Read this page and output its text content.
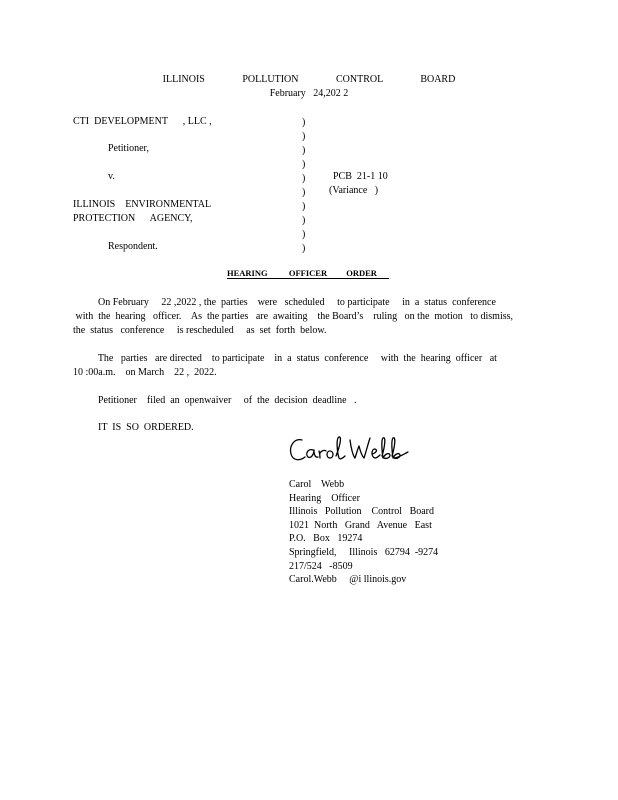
ILLINOIS   POLLUTION   CONTROL   BOARD
February   24,202 2
CTI  DEVELOPMENT      , LLC ,
Petitioner,
v.
ILLINOIS    ENVIRONMENTAL
PROTECTION      AGENCY,
Respondent.
)
)
)
)
)
)
)
)
)
)
PCB  21-1 10
(Variance   )
HEARING          OFFICER         ORDER
On February     22 ,2022 , the  parties    were   scheduled     to participate     in  a  status  conference
with  the  hearing   officer.    As  the parties   are  awaiting    the Board’s    ruling   on the  motion   to dismiss,
the  status   conference     is rescheduled     as  set  forth  below.
The   parties   are directed    to participate    in  a  status  conference     with  the  hearing  officer   at
10 :00a.m.    on March    22 ,  2022.
Petitioner    filed  an  openwaiver     of  the  decision  deadline   .
IT  IS  SO  ORDERED.
Carol    Webb
Hearing    Officer
Illinois   Pollution    Control   Board
1021  North   Grand   Avenue   East
P.O.   Box   19274
Springfield,     Illinois   62794  -9274
217/524   -8509
Carol.Webb     @i llinois.gov
